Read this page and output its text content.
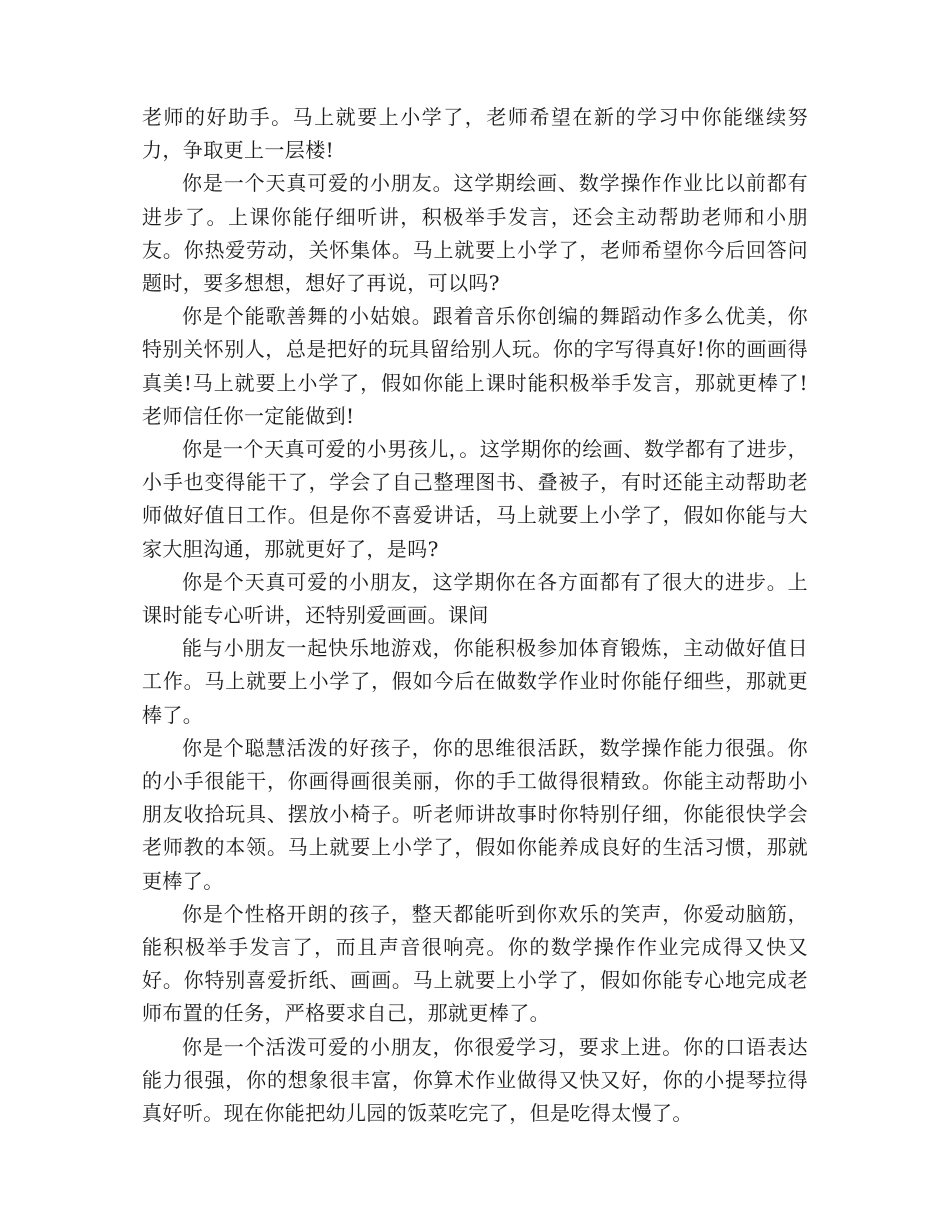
老师的好助手。马上就要上小学了，老师希望在新的学习中你能继续努力，争取更上一层楼!

你是一个天真可爱的小朋友。这学期绘画、数学操作作业比以前都有进步了。上课你能仔细听讲，积极举手发言，还会主动帮助老师和小朋友。你热爱劳动，关怀集体。马上就要上小学了，老师希望你今后回答问题时，要多想想，想好了再说，可以吗?

你是个能歌善舞的小姑娘。跟着音乐你创编的舞蹈动作多么优美，你特别关怀别人，总是把好的玩具留给别人玩。你的字写得真好!你的画画得真美!马上就要上小学了，假如你能上课时能积极举手发言，那就更棒了!老师信任你一定能做到!

你是一个天真可爱的小男孩儿，。这学期你的绘画、数学都有了进步，小手也变得能干了，学会了自己整理图书、叠被子，有时还能主动帮助老师做好值日工作。但是你不喜爱讲话，马上就要上小学了，假如你能与大家大胆沟通，那就更好了，是吗?

你是个天真可爱的小朋友，这学期你在各方面都有了很大的进步。上课时能专心听讲，还特别爱画画。课间

能与小朋友一起快乐地游戏，你能积极参加体育锻炼，主动做好值日工作。马上就要上小学了，假如今后在做数学作业时你能仔细些，那就更棒了。

你是个聪慧活泼的好孩子，你的思维很活跃，数学操作能力很强。你的小手很能干，你画得画很美丽，你的手工做得很精致。你能主动帮助小朋友收拾玩具、摆放小椅子。听老师讲故事时你特别仔细，你能很快学会老师教的本领。马上就要上小学了，假如你能养成良好的生活习惯，那就更棒了。

你是个性格开朗的孩子，整天都能听到你欢乐的笑声，你爱动脑筋，能积极举手发言了，而且声音很响亮。你的数学操作作业完成得又快又好。你特别喜爱折纸、画画。马上就要上小学了，假如你能专心地完成老师布置的任务，严格要求自己，那就更棒了。

你是一个活泼可爱的小朋友，你很爱学习，要求上进。你的口语表达能力很强，你的想象很丰富，你算术作业做得又快又好，你的小提琴拉得真好听。现在你能把幼儿园的饭菜吃完了，但是吃得太慢了。
